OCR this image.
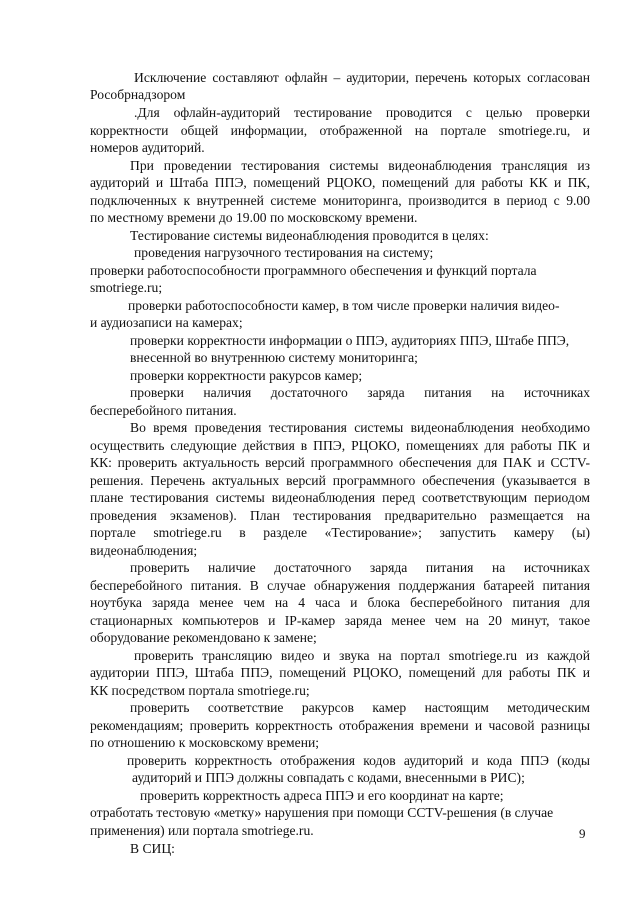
Исключение составляют офлайн – аудитории, перечень которых согласован
Рособрнадзором
.Для офлайн-аудиторий тестирование проводится с целью проверки
корректности общей информации, отображенной на портале smotriege.ru, и
номеров аудиторий.
При проведении тестирования системы видеонаблюдения трансляция из
аудиторий и Штаба ППЭ, помещений РЦОКО, помещений для работы КК и ПК,
подключенных к внутренней системе мониторинга, производится в период с 9.00
по местному времени до 19.00 по московскому времени.
Тестирование системы видеонаблюдения проводится в целях:
проведения нагрузочного тестирования на систему;
проверки работоспособности программного обеспечения и функций портала
smotriege.ru;
проверки работоспособности камер, в том числе проверки наличия видео-
и аудиозаписи на камерах;
проверки корректности информации о ППЭ, аудиториях ППЭ, Штабе ППЭ,
внесенной во внутреннюю систему мониторинга;
проверки корректности ракурсов камер;
проверки наличия достаточного заряда питания на источниках
бесперебойного питания.
Во время проведения тестирования системы видеонаблюдения необходимо
осуществить следующие действия в ППЭ, РЦОКО, помещениях для работы ПК и
КК: проверить актуальность версий программного обеспечения для ПАК и CCTV-
решения. Перечень актуальных версий программного обеспечения (указывается в
плане тестирования системы видеонаблюдения перед соответствующим периодом
проведения экзаменов). План тестирования предварительно размещается на
портале smotriege.ru в разделе «Тестирование»; запустить камеру (ы)
видеонаблюдения;
проверить наличие достаточного заряда питания на источниках
бесперебойного питания. В случае обнаружения поддержания батареей питания
ноутбука заряда менее чем на 4 часа и блока бесперебойного питания для
стационарных компьютеров и IP-камер заряда менее чем на 20 минут, такое
оборудование рекомендовано к замене;
проверить трансляцию видео и звука на портал smotriege.ru из каждой
аудитории ППЭ, Штаба ППЭ, помещений РЦОКО, помещений для работы ПК и
КК посредством портала smotriege.ru;
проверить соответствие ракурсов камер настоящим методическим
рекомендациям; проверить корректность отображения времени и часовой разницы
по отношению к московскому времени;
проверить корректность отображения кодов аудиторий и кода ППЭ (коды
аудиторий и ППЭ должны совпадать с кодами, внесенными в РИС);
проверить корректность адреса ППЭ и его координат на карте;
отработать тестовую «метку» нарушения при помощи CCTV-решения (в случае
применения) или портала smotriege.ru.
В СИЦ:
9
